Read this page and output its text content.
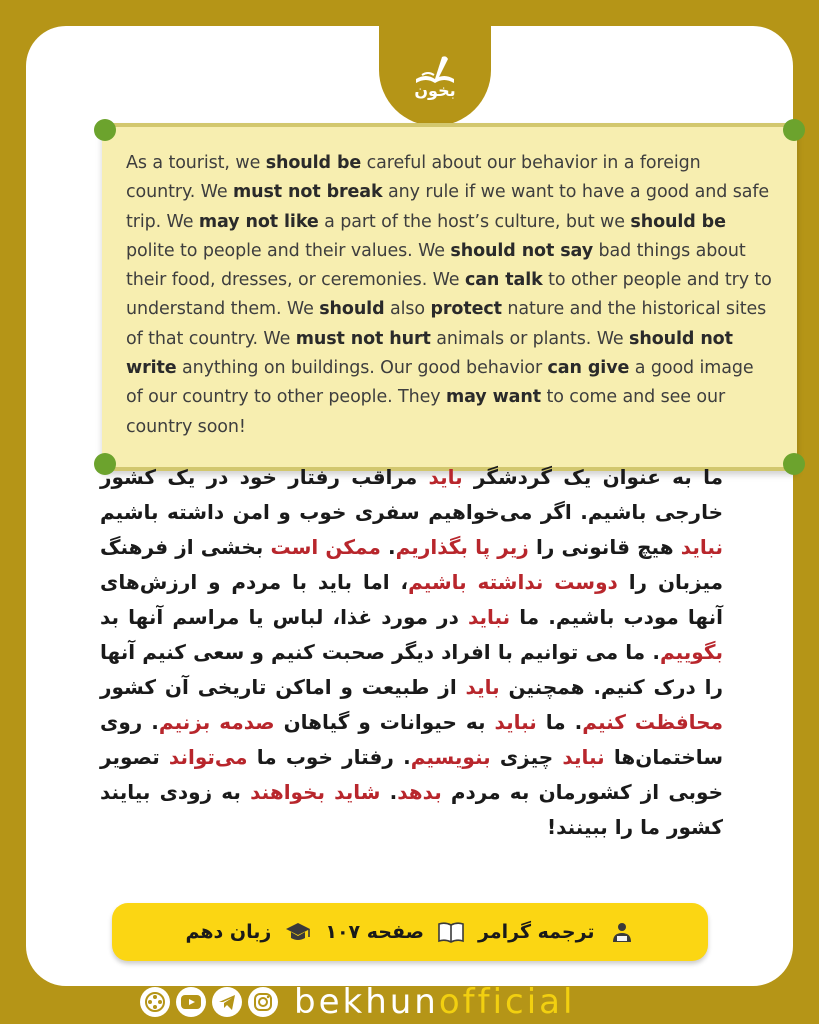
بخون
As a tourist, we should be careful about our behavior in a foreign country. We must not break any rule if we want to have a good and safe trip. We may not like a part of the host’s culture, but we should be polite to people and their values. We should not say bad things about their food, dresses, or ceremonies. We can talk to other people and try to understand them. We should also protect nature and the historical sites of that country. We must not hurt animals or plants. We should not write anything on buildings. Our good behavior can give a good image of our country to other people. They may want to come and see our country soon!
ما به عنوان یک گردشگر باید مراقب رفتار خود در یک کشور خارجی باشیم. اگر می‌خواهیم سفری خوب و امن داشته باشیم نباید هیچ قانونی را زیر پا بگذاریم. ممکن است بخشی از فرهنگ میزبان را دوست نداشته باشیم، اما باید با مردم و ارزش‌های آنها مودب باشیم. ما نباید در مورد غذا، لباس یا مراسم آنها بد بگوییم. ما می توانیم با افراد دیگر صحبت کنیم و سعی کنیم آنها را درک کنیم. همچنین باید از طبیعت و اماکن تاریخی آن کشور محافظت کنیم. ما نباید به حیوانات و گیاهان صدمه بزنیم. روی ساختمان‌ها نباید چیزی بنویسیم. رفتار خوب ما می‌تواند تصویر خوبی از کشورمان به مردم بدهد. شاید بخواهند به زودی بیایند کشور ما را ببینند!
ترجمه گرامر
صفحه ۱۰۷
زبان دهم
bekhunofficial
